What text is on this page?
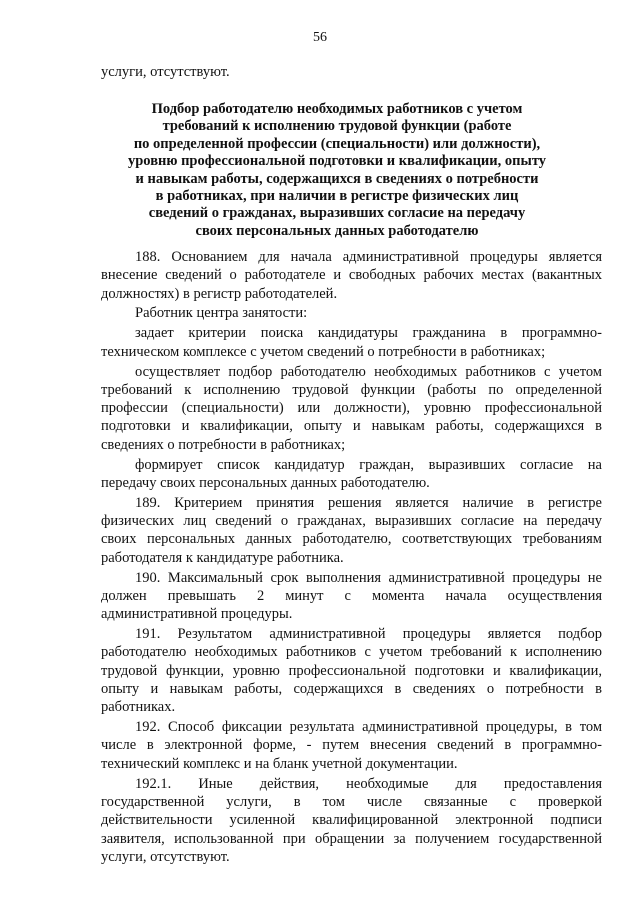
56

услуги, отсутствуют.

Подбор работодателю необходимых работников с учетом
требований к исполнению трудовой функции (работе
по определенной профессии (специальности) или должности),
уровню профессиональной подготовки и квалификации, опыту
и навыкам работы, содержащихся в сведениях о потребности
в работниках, при наличии в регистре физических лиц
сведений о гражданах, выразивших согласие на передачу
своих персональных данных работодателю
188. Основанием для начала административной процедуры является
внесение сведений о работодателе и свободных рабочих местах (вакантных
должностях) в регистр работодателей.
Работник центра занятости:
задает критерии поиска кандидатуры гражданина в программно-
техническом комплексе с учетом сведений о потребности в работниках;
осуществляет подбор работодателю необходимых работников с учетом
требований к исполнению трудовой функции (работы по определенной
профессии (специальности) или должности), уровню профессиональной
подготовки и квалификации, опыту и навыкам работы, содержащихся в
сведениях о потребности в работниках;
формирует список кандидатур граждан, выразивших согласие на
передачу своих персональных данных работодателю.
189. Критерием принятия решения является наличие в регистре
физических лиц сведений о гражданах, выразивших согласие на передачу
своих персональных данных работодателю, соответствующих требованиям
работодателя к кандидатуре работника.
190. Максимальный срок выполнения административной процедуры не
должен превышать 2 минут с момента начала осуществления
административной процедуры.
191. Результатом административной процедуры является подбор
работодателю необходимых работников с учетом требований к исполнению
трудовой функции, уровню профессиональной подготовки и квалификации,
опыту и навыкам работы, содержащихся в сведениях о потребности в
работниках.
192. Способ фиксации результата административной процедуры, в том
числе в электронной форме, - путем внесения сведений в программно-
технический комплекс и на бланк учетной документации.
192.1. Иные действия, необходимые для предоставления
государственной услуги, в том числе связанные с проверкой
действительности усиленной квалифицированной электронной подписи
заявителя, использованной при обращении за получением государственной
услуги, отсутствуют.
